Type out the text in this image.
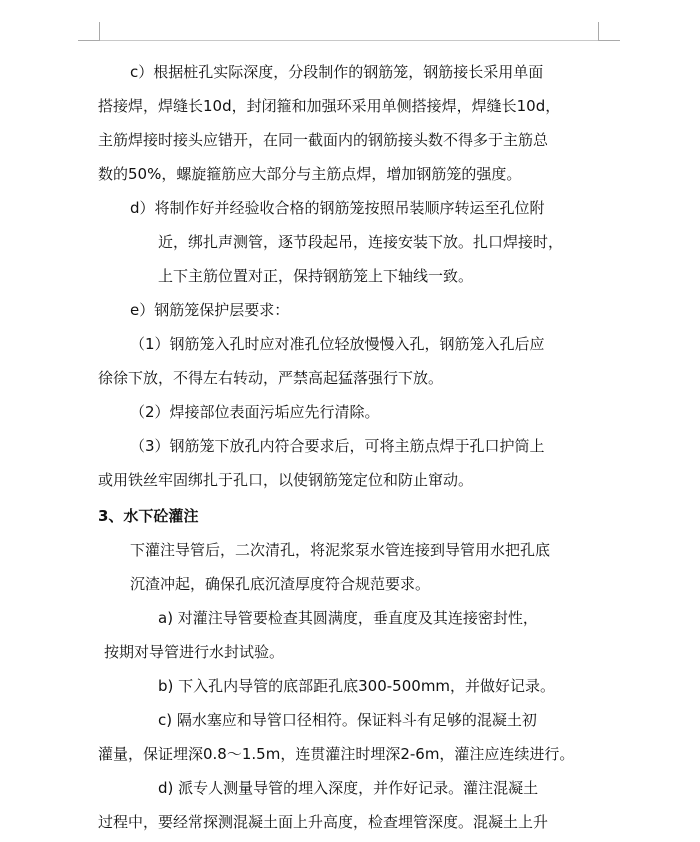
c）根据桩孔实际深度，分段制作的钢筋笼，钢筋接长采用单面

搭接焊，焊缝长10d，封闭箍和加强环采用单侧搭接焊，焊缝长10d，

主筋焊接时接头应错开，在同一截面内的钢筋接头数不得多于主筋总

数的50%，螺旋箍筋应大部分与主筋点焊，增加钢筋笼的强度。

d）将制作好并经验收合格的钢筋笼按照吊装顺序转运至孔位附

近，绑扎声测管，逐节段起吊，连接安装下放。扎口焊接时，

上下主筋位置对正，保持钢筋笼上下轴线一致。

e）钢筋笼保护层要求：

（1）钢筋笼入孔时应对准孔位轻放慢慢入孔，钢筋笼入孔后应

徐徐下放，不得左右转动，严禁高起猛落强行下放。

（2）焊接部位表面污垢应先行清除。

（3）钢筋笼下放孔内符合要求后，可将主筋点焊于孔口护筒上

或用铁丝牢固绑扎于孔口，以使钢筋笼定位和防止窜动。

3、水下砼灌注

下灌注导管后，二次清孔，将泥浆泵水管连接到导管用水把孔底

沉渣冲起，确保孔底沉渣厚度符合规范要求。

a) 对灌注导管要检查其圆满度，垂直度及其连接密封性，

按期对导管进行水封试验。

b) 下入孔内导管的底部距孔底300-500mm，并做好记录。

c) 隔水塞应和导管口径相符。保证料斗有足够的混凝土初

灌量，保证埋深0.8～1.5m，连贯灌注时埋深2-6m，灌注应连续进行。

d) 派专人测量导管的埋入深度，并作好记录。灌注混凝土

过程中，要经常探测混凝土面上升高度，检查埋管深度。混凝土上升
